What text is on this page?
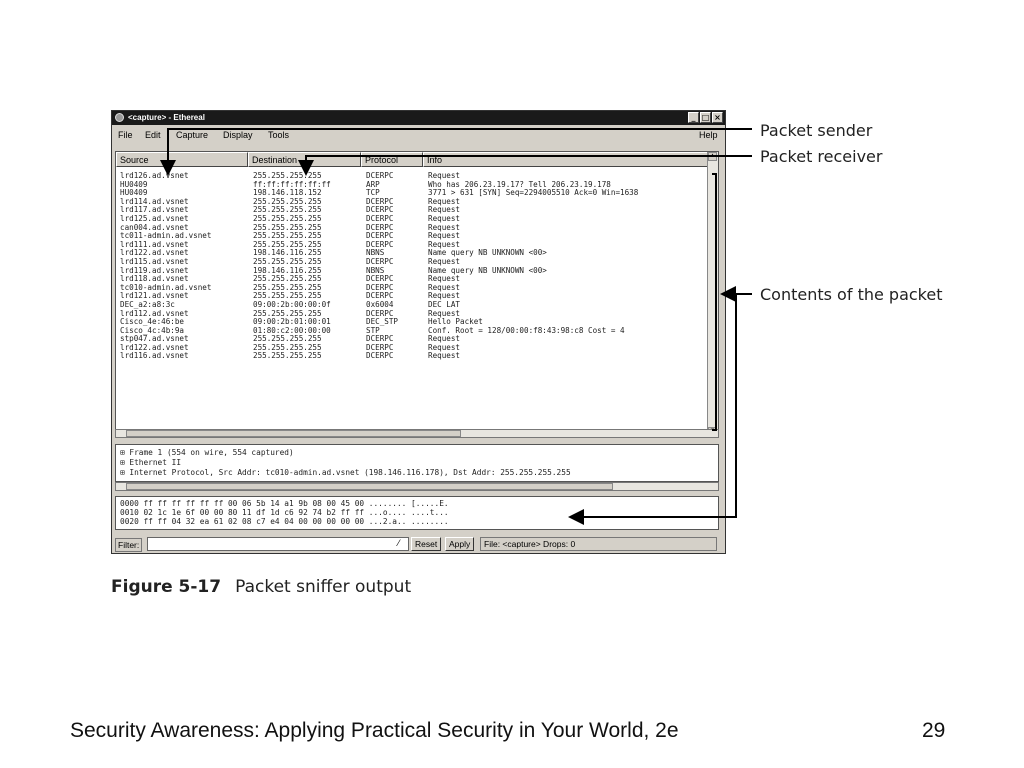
<capture> - Ethereal	_ □ ×
File Edit Capture Display Tools	Help
Source	Destination	Protocol	Info
lrd126.ad.vsnet	255.255.255.255	DCERPC	Request
HU0409	ff:ff:ff:ff:ff:ff	ARP	Who has 206.23.19.17? Tell 206.23.19.178
HU0409	198.146.118.152	TCP	3771 > 631 [SYN] Seq=2294005510 Ack=0 Win=1638
lrd114.ad.vsnet	255.255.255.255	DCERPC	Request
lrd117.ad.vsnet	255.255.255.255	DCERPC	Request
lrd125.ad.vsnet	255.255.255.255	DCERPC	Request
can004.ad.vsnet	255.255.255.255	DCERPC	Request
tc011-admin.ad.vsnet	255.255.255.255	DCERPC	Request
lrd111.ad.vsnet	255.255.255.255	DCERPC	Request
lrd122.ad.vsnet	198.146.116.255	NBNS	Name query NB UNKNOWN <00>
lrd115.ad.vsnet	255.255.255.255	DCERPC	Request
lrd119.ad.vsnet	198.146.116.255	NBNS	Name query NB UNKNOWN <00>
lrd118.ad.vsnet	255.255.255.255	DCERPC	Request
tc010-admin.ad.vsnet	255.255.255.255	DCERPC	Request
lrd121.ad.vsnet	255.255.255.255	DCERPC	Request
DEC_a2:a8:3c	09:00:2b:00:00:0f	0x6004	DEC LAT
lrd112.ad.vsnet	255.255.255.255	DCERPC	Request
Cisco_4e:46:be	09:00:2b:01:00:01	DEC_STP	Hello Packet
Cisco_4c:4b:9a	01:80:c2:00:00:00	STP	Conf. Root = 128/00:00:f8:43:98:c8 Cost = 4
stp047.ad.vsnet	255.255.255.255	DCERPC	Request
lrd122.ad.vsnet	255.255.255.255	DCERPC	Request
lrd116.ad.vsnet	255.255.255.255	DCERPC	Request
▲
⊞ Frame 1 (554 on wire, 554 captured)
⊞ Ethernet II
⊞ Internet Protocol, Src Addr: tc010-admin.ad.vsnet (198.146.116.178), Dst Addr: 255.255.255.255
0000 ff ff ff ff ff ff 00 06 5b 14 a1 9b 08 00 45 00 ........ [.....E.
0010 02 1c 1e 6f 00 00 80 11 df 1d c6 92 74 b2 ff ff ...o.... ....t...
0020 ff ff 04 32 ea 61 02 08 c7 e4 04 00 00 00 00 00 ...2.a.. ........
Filter:	⁄	Reset	Apply	File: <capture> Drops: 0
Packet sender
Packet receiver
Contents of the packet
Figure 5-17 Packet sniffer output
Security Awareness: Applying Practical Security in Your World, 2e	29
